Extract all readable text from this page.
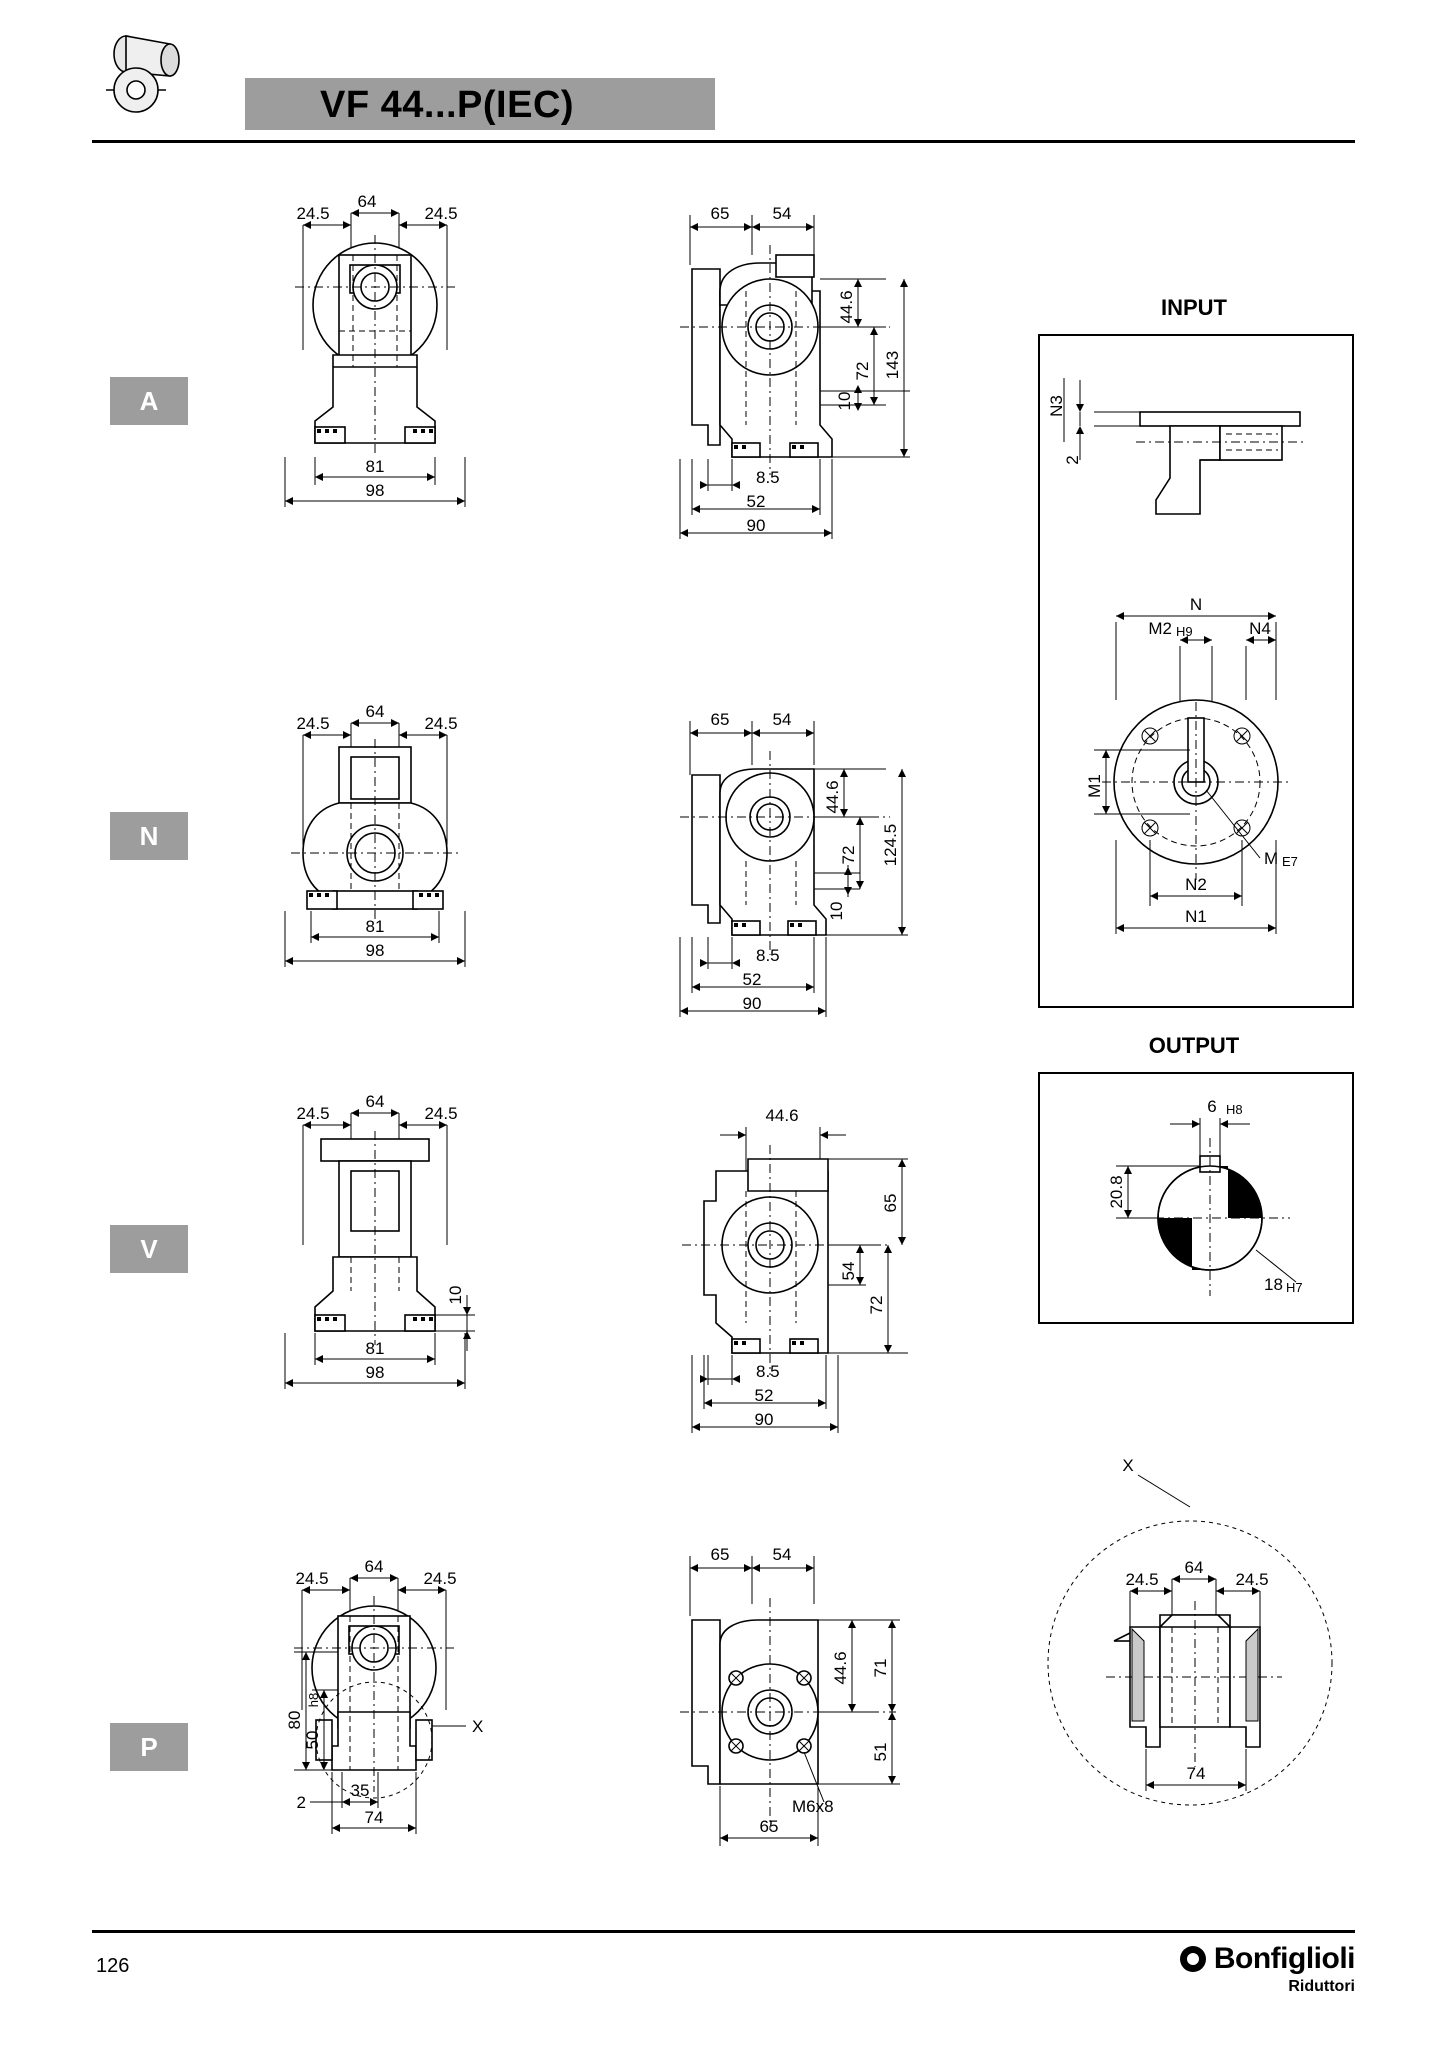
VF 44...P(IEC)
A
N
V
P
64
24.5	24.5
81
98
65	54
44.6
72
10
143
8.5
52
90
INPUT
N3
2
N
M2 H9	N4
M1
M E7
N2
N1
64
24.5	24.5
81
98
65	54
44.6
72 124.5
10
8.5
52
90
OUTPUT
6 H8
20.8
18 H7
64
24.5	24.5
10
81
98
44.6
65
54
72
8.5
52
90
64
24.5	24.5
X
80
50
h8
2
35
74
65	54
44.6 71
51
M6x8
65
X
64
24.5	24.5
74
126	Bonfiglioli
Riduttori
